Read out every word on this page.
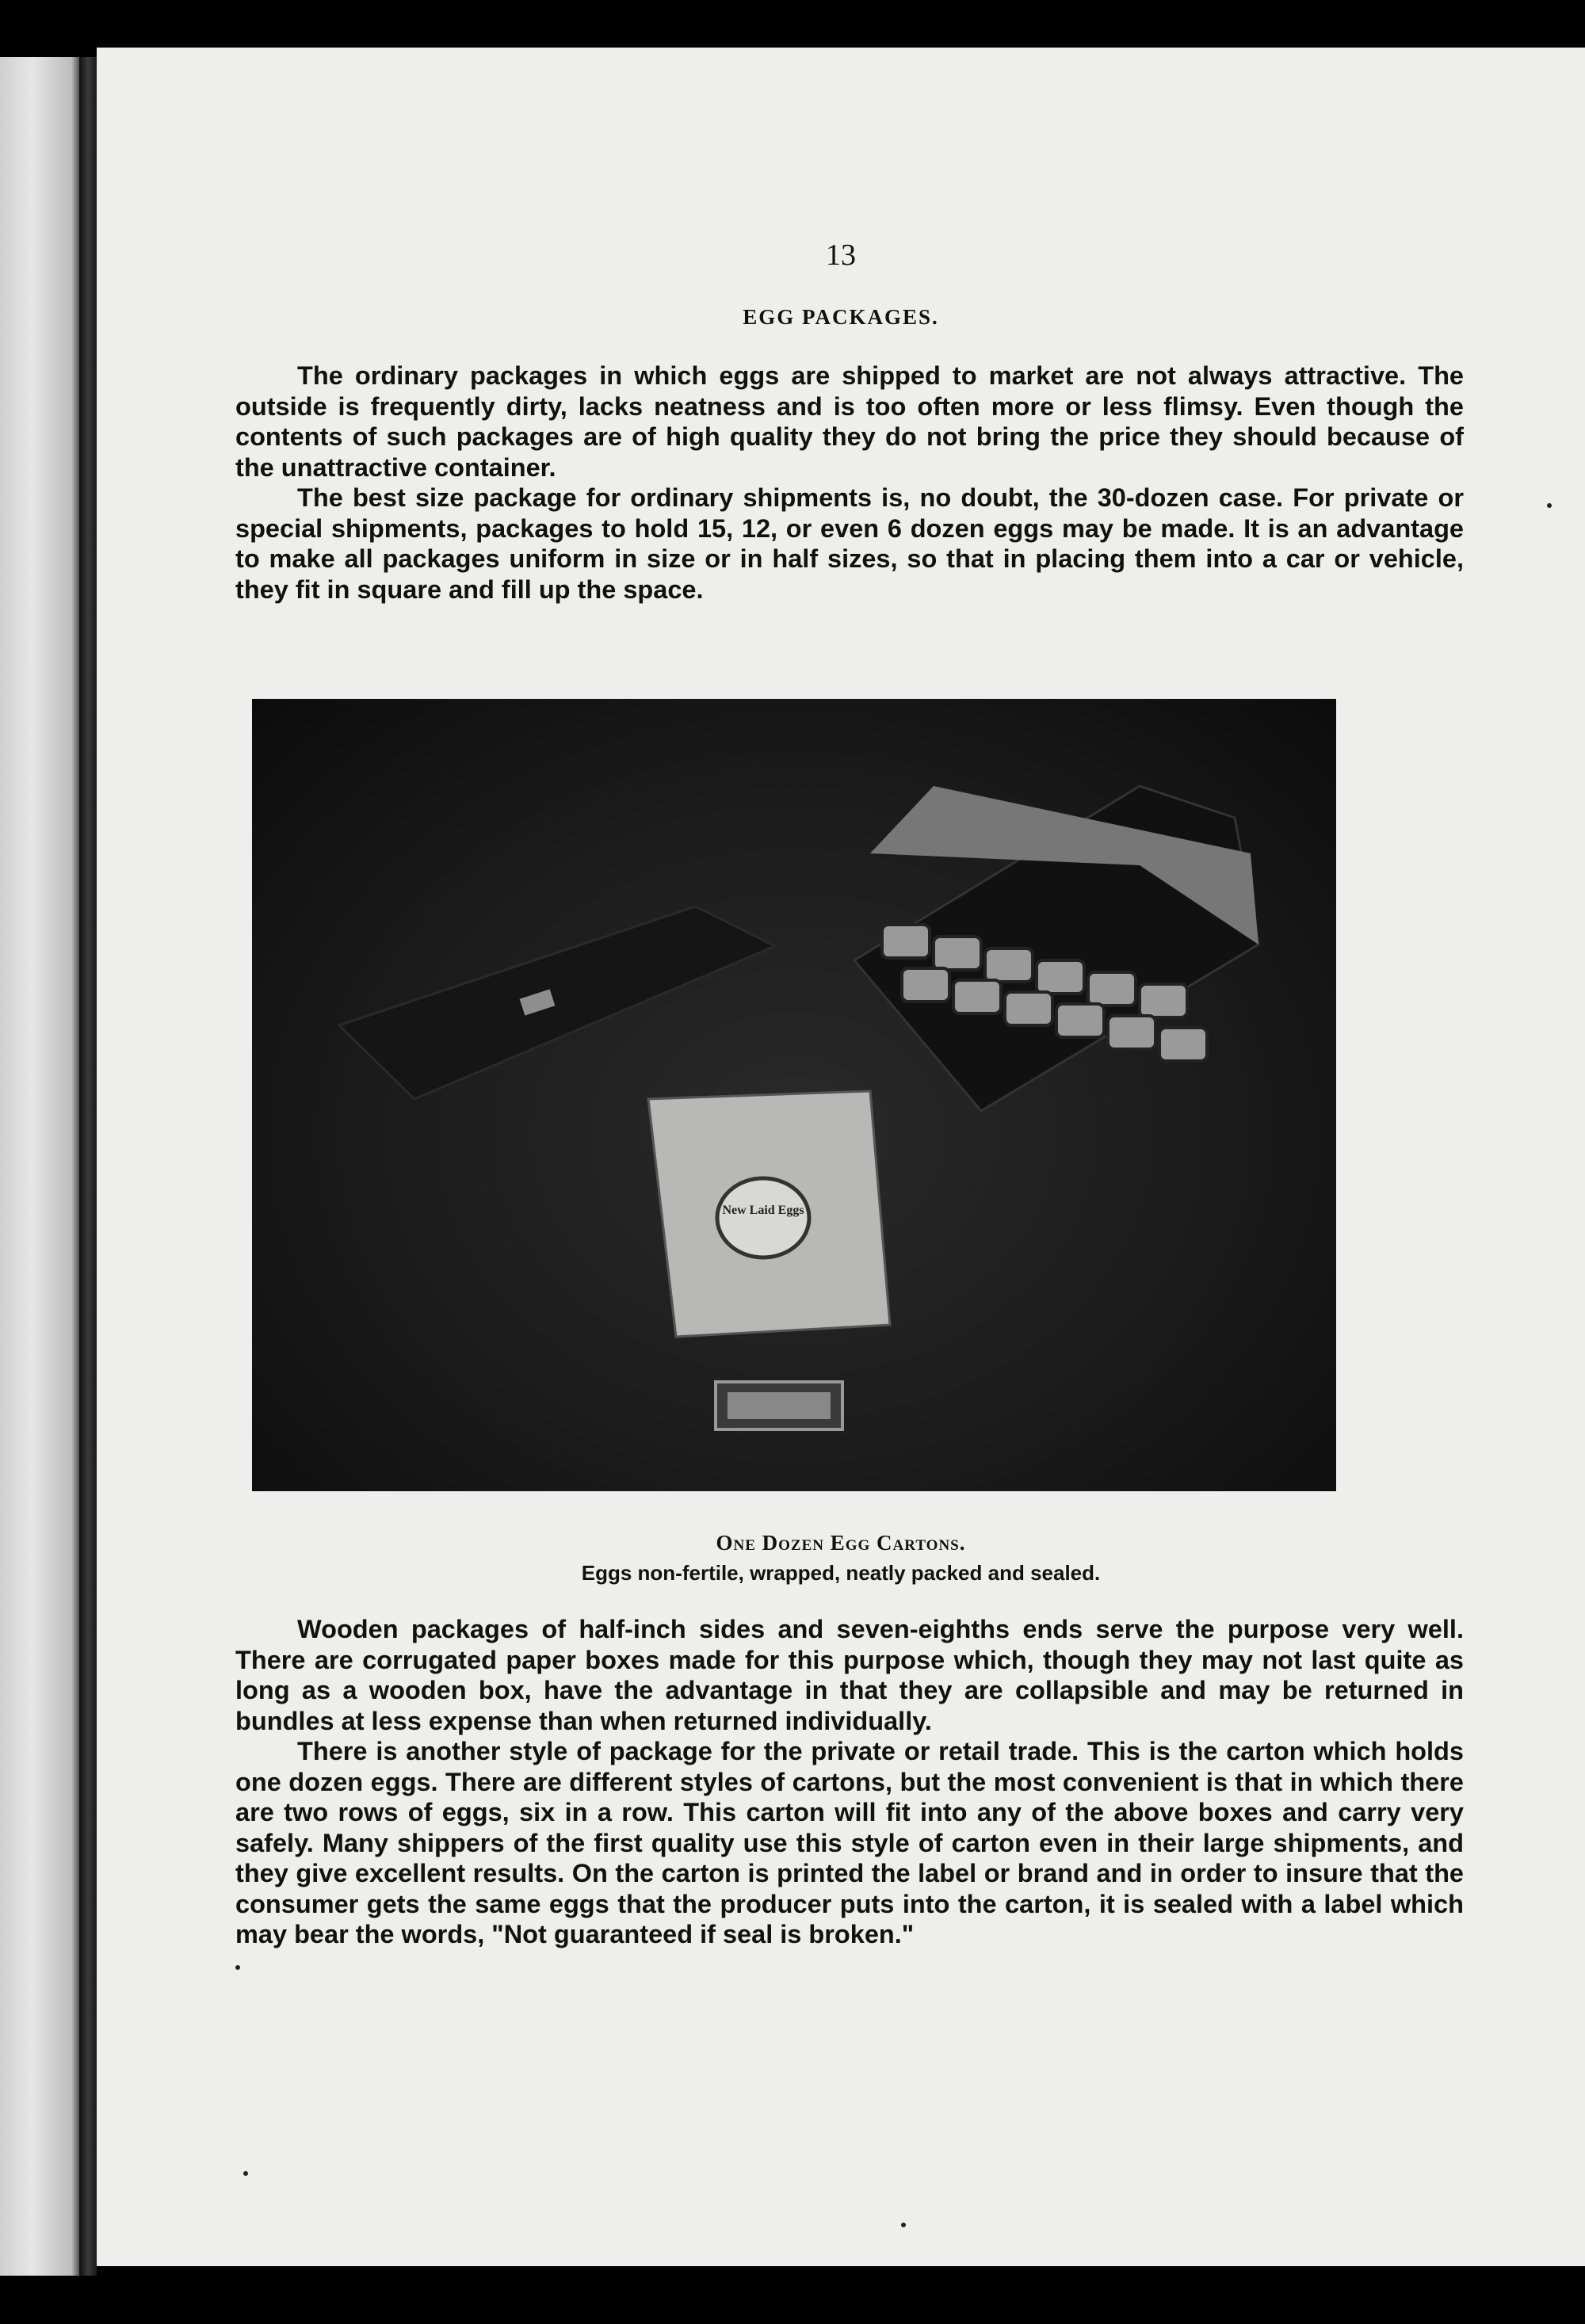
13
EGG PACKAGES.

The ordinary packages in which eggs are shipped to market are not always attractive. The outside is frequently dirty, lacks neatness and is too often more or less flimsy. Even though the contents of such packages are of high quality they do not bring the price they should because of the unattractive container.

The best size package for ordinary shipments is, no doubt, the 30-dozen case. For private or special shipments, packages to hold 15, 12, or even 6 dozen eggs may be made. It is an advantage to make all packages uniform in size or in half sizes, so that in placing them into a car or vehicle, they fit in square and fill up the space.

New Laid Eggs
One Dozen Egg Cartons.
Eggs non-fertile, wrapped, neatly packed and sealed.

Wooden packages of half-inch sides and seven-eighths ends serve the purpose very well. There are corrugated paper boxes made for this purpose which, though they may not last quite as long as a wooden box, have the advantage in that they are collapsible and may be returned in bundles at less expense than when returned individually.

There is another style of package for the private or retail trade. This is the carton which holds one dozen eggs. There are different styles of cartons, but the most convenient is that in which there are two rows of eggs, six in a row. This carton will fit into any of the above boxes and carry very safely. Many shippers of the first quality use this style of carton even in their large shipments, and they give excellent results. On the carton is printed the label or brand and in order to insure that the consumer gets the same eggs that the producer puts into the carton, it is sealed with a label which may bear the words, "Not guaranteed if seal is broken."
